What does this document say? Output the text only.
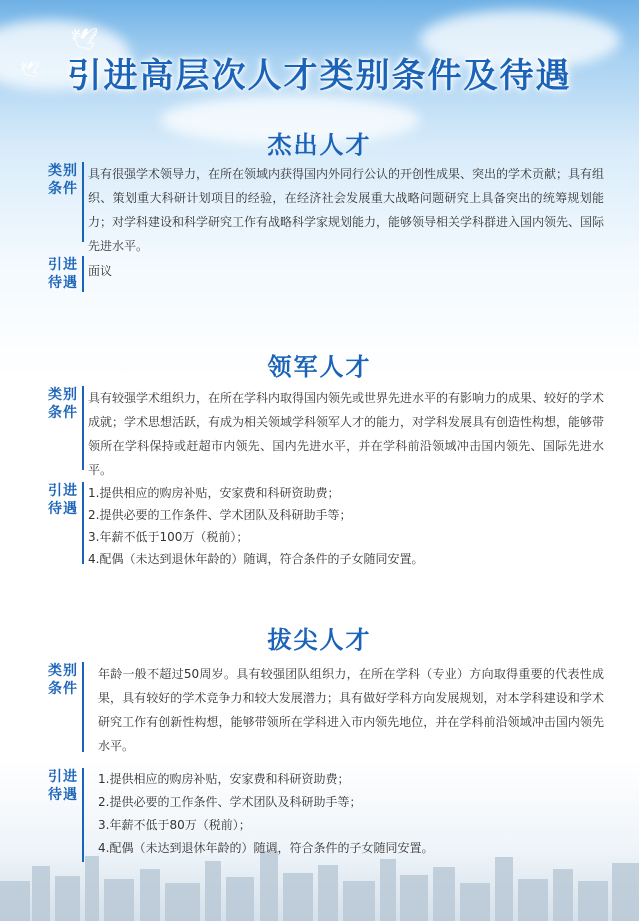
🕊
🕊 引进高层次人才类别条件及待遇
杰出人才
类别
条件
具有很强学术领导力，在所在领域内获得国内外同行公认的开创性成果、突出的学术贡献；具有组织、策划重大科研计划项目的经验，在经济社会发展重大战略问题研究上具备突出的统筹规划能力；对学科建设和科学研究工作有战略科学家规划能力，能够领导相关学科群进入国内领先、国际先进水平。
引进
待遇
面议
领军人才
类别
条件
具有较强学术组织力，在所在学科内取得国内领先或世界先进水平的有影响力的成果、较好的学术成就；学术思想活跃，有成为相关领域学科领军人才的能力，对学科发展具有创造性构想，能够带领所在学科保持或赶超市内领先、国内先进水平，并在学科前沿领域冲击国内领先、国际先进水平。
引进
待遇
1.提供相应的购房补贴，安家费和科研资助费；
2.提供必要的工作条件、学术团队及科研助手等；
3.年薪不低于100万（税前）；
4.配偶（未达到退休年龄的）随调，符合条件的子女随同安置。
拔尖人才
类别
条件
年龄一般不超过50周岁。具有较强团队组织力，在所在学科（专业）方向取得重要的代表性成果，具有较好的学术竞争力和较大发展潜力；具有做好学科方向发展规划，对本学科建设和学术研究工作有创新性构想，能够带领所在学科进入市内领先地位，并在学科前沿领域冲击国内领先水平。
引进
待遇
1.提供相应的购房补贴，安家费和科研资助费；
2.提供必要的工作条件、学术团队及科研助手等；
3.年薪不低于80万（税前）；
4.配偶（未达到退休年龄的）随调，符合条件的子女随同安置。
